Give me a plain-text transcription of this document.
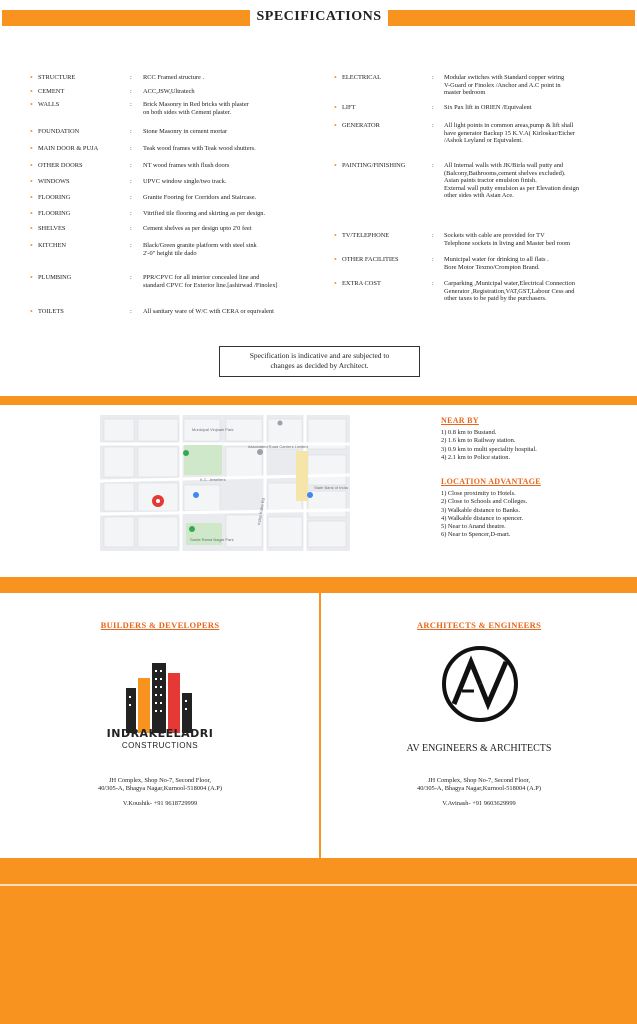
SPECIFICATIONS
• STRUCTURE	: RCC Framed structure .
• CEMENT	: ACC,JSW,Ultratech
• WALLS	: Brick Masonry in Red bricks with plaster
on both sides with Cement plaster.
• FOUNDATION	: Stone Masonry in cement mortar
• MAIN DOOR & PUJA	: Teak wood frames with Teak wood shutters.
• OTHER DOORS	: NT wood frames with flush doors
• WINDOWS	: UPVC window single/two track.
• FLOORING	: Granite Fooring for Corridors and Staircase.
• FLOORING	: Vitrified tile flooring and skirting as per design.
• SHELVES	: Cement shelves as per design upto 2'0 feet
• KITCHEN	: Black/Green granite platform with steel sink
2'-0" height tile dado
• PLUMBING	: PPR/CPVC for all interior concealed line and
standard CPVC for Exterior line.[ashirwad /Finolex]
• TOILETS	: All sanitary ware of W/C with CERA or equivalent
• ELECTRICAL	: Modular switches with Standard copper wiring
V-Guard or Finolex /Anchor and A.C point in
master bedroom
• LIFT	: Six Pax lift in ORIEN /Equivalent
• GENERATOR	: All light points in common areas,pump & lift shall
have generator Backup 15 K.V.A( Kirloskar/Eicher
/Ashok Leyland or Equivalent.
• PAINTING/FINISHING	: All Internal walls with JK/Birla wall putty and
(Balcony,Bathrooms,cement shelves excluded).
Asian paints tractor emulsion finish.
External wall putty emulsion as per Elevation design
other sides with Asian Ace.
• TV/TELEPHONE	: Sockets with cable are provided for TV
Telephone sockets in living and Master bed room
• OTHER FACILITIES	: Municipal water for drinking to all flats .
Bore Motor Texmo/Crompton Brand.
• EXTRA COST	: Carparking ,Municipal water,Electrical Connection
Generator ,Registration,VAT,GST,Labour Cess and
other taxes to be paid by the purchasers.
Specification is indicative and are subjected to
changes as decided by Architect.
Municipal Vinjnale Park
Associated Road Carriers Limited
K.C. Jewellers
Santa Rama Nagar Park
Indus Kalse Rd
State Bank of India
NEAR BY
1) 0.8 km to Bustand.
2) 1.6 km to Railway station.
3) 0.9 km to multi speciality hospital.
4) 2.1 km to Police station.
LOCATION ADVANTAGE
1) Close proximity to Hotels.
2) Close to Schools and Colleges.
3) Walkable distance to Banks.
4) Walkable distance to spencer.
5) Near to Anand theatre.
6) Near to Spencer,D-mart.
BUILDERS & DEVELOPERS
INDRAKEELADRI
CONSTRUCTIONS
JH Complex, Shop No-7, Second Floor,
40/305-A, Bhagya Nagar,Kurnool-518004 (A.P)
V.Koushik- +91 9618729999
ARCHITECTS & ENGINEERS
AV ENGINEERS & ARCHITECTS
JH Complex, Shop No-7, Second Floor,
40/305-A, Bhagya Nagar,Kurnool-518004 (A.P)
V.Avinash- +91 9603629999
